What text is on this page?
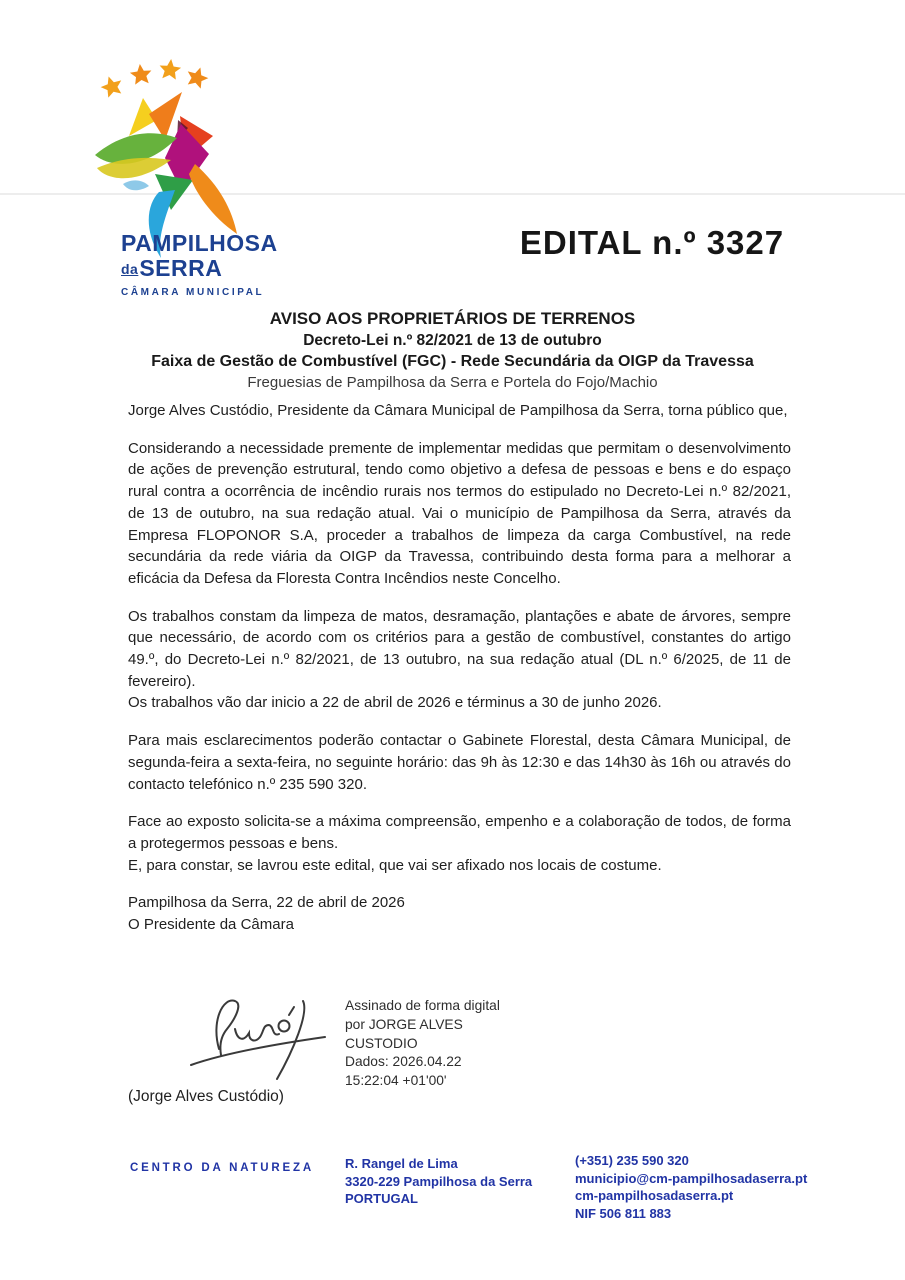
PAMPILHOSA
daSERRA
CÂMARA MUNICIPAL
EDITAL n.º 3327
AVISO AOS PROPRIETÁRIOS DE TERRENOS
Decreto-Lei n.º 82/2021 de 13 de outubro
Faixa de Gestão de Combustível (FGC) - Rede Secundária da OIGP da Travessa
Freguesias de Pampilhosa da Serra e Portela do Fojo/Machio

Jorge Alves Custódio, Presidente da Câmara Municipal de Pampilhosa da Serra, torna público que,

Considerando a necessidade premente de implementar medidas que permitam o desenvolvimento de ações de prevenção estrutural, tendo como objetivo a defesa de pessoas e bens e do espaço rural contra a ocorrência de incêndio rurais nos termos do estipulado no Decreto-Lei n.º 82/2021, de 13 de outubro, na sua redação atual. Vai o município de Pampilhosa da Serra, através da Empresa FLOPONOR S.A, proceder a trabalhos de limpeza da carga Combustível, na rede secundária da rede viária da OIGP da Travessa, contribuindo desta forma para a melhorar a eficácia da Defesa da Floresta Contra Incêndios neste Concelho.

Os trabalhos constam da limpeza de matos, desramação, plantações e abate de árvores, sempre que necessário, de acordo com os critérios para a gestão de combustível, constantes do artigo 49.º, do Decreto-Lei n.º 82/2021, de 13 outubro, na sua redação atual (DL n.º 6/2025, de 11 de fevereiro).

Os trabalhos vão dar inicio a 22 de abril de 2026 e términus a 30 de junho 2026.

Para mais esclarecimentos poderão contactar o Gabinete Florestal, desta Câmara Municipal, de segunda-feira a sexta-feira, no seguinte horário: das 9h às 12:30 e das 14h30 às 16h ou através do contacto telefónico n.º 235 590 320.

Face ao exposto solicita-se a máxima compreensão, empenho e a colaboração de todos, de forma a protegermos pessoas e bens.

E, para constar, se lavrou este edital, que vai ser afixado nos locais de costume.

Pampilhosa da Serra, 22 de abril de 2026
O Presidente da Câmara
Assinado de forma digital
por JORGE ALVES
CUSTODIO
Dados: 2026.04.22
15:22:04 +01'00'
(Jorge Alves Custódio)
CENTRO DA NATUREZA R. Rangel de Lima
3320-229 Pampilhosa da Serra
PORTUGAL
(+351) 235 590 320
municipio@cm-pampilhosadaserra.pt
cm-pampilhosadaserra.pt
NIF 506 811 883
